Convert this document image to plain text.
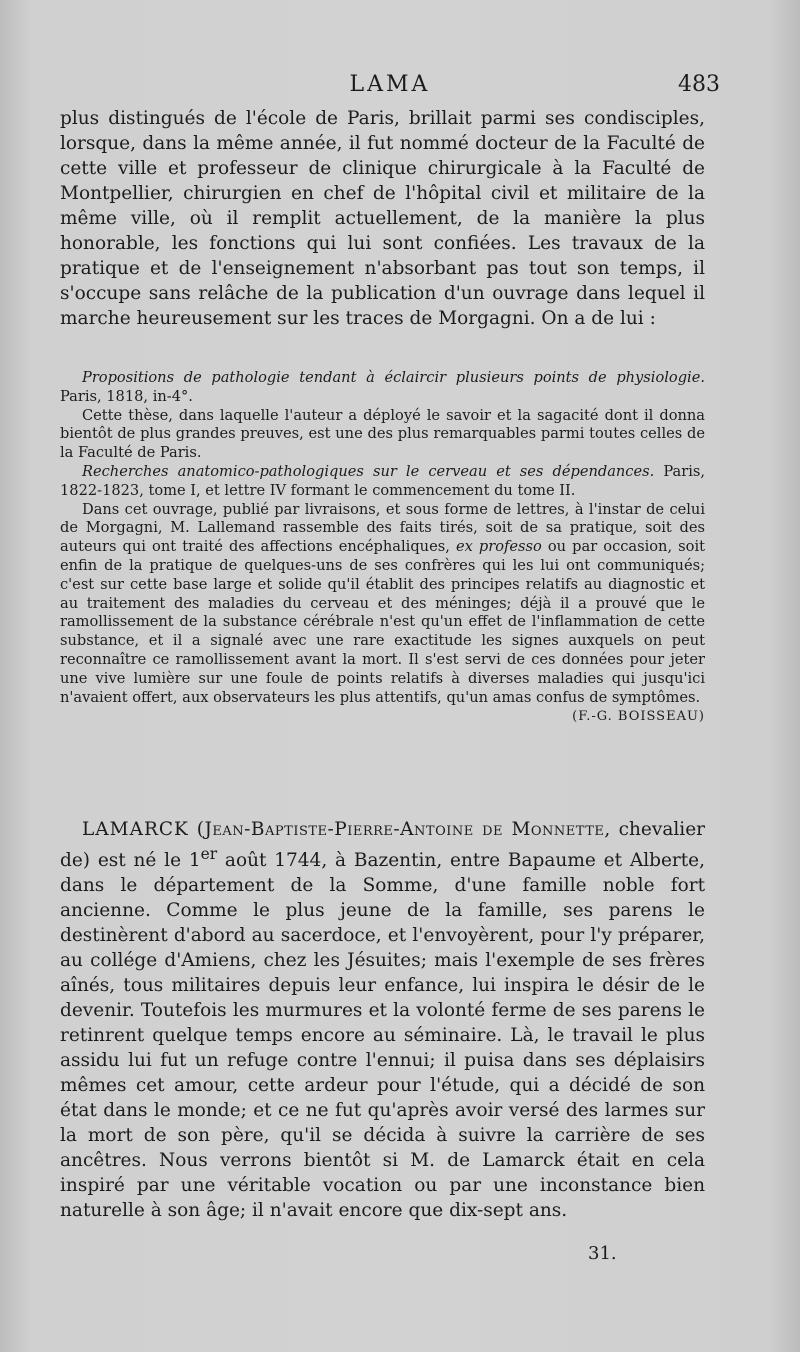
LAMA	483

plus distingués de l'école de Paris, brillait parmi ses condisciples, lorsque, dans la même année, il fut nommé docteur de la Faculté de cette ville et professeur de clinique chirurgicale à la Faculté de Montpellier, chirurgien en chef de l'hôpital civil et militaire de la même ville, où il remplit actuellement, de la manière la plus honorable, les fonctions qui lui sont confiées. Les travaux de la pratique et de l'enseignement n'absorbant pas tout son temps, il s'occupe sans relâche de la publication d'un ouvrage dans lequel il marche heureusement sur les traces de Morgagni. On a de lui :

Propositions de pathologie tendant à éclaircir plusieurs points de physiologie. Paris, 1818, in-4°.

Cette thèse, dans laquelle l'auteur a déployé le savoir et la sagacité dont il donna bientôt de plus grandes preuves, est une des plus remarquables parmi toutes celles de la Faculté de Paris.

Recherches anatomico-pathologiques sur le cerveau et ses dépendances. Paris, 1822-1823, tome I, et lettre IV formant le commencement du tome II.

Dans cet ouvrage, publié par livraisons, et sous forme de lettres, à l'instar de celui de Morgagni, M. Lallemand rassemble des faits tirés, soit de sa pratique, soit des auteurs qui ont traité des affections encéphaliques, ex professo ou par occasion, soit enfin de la pratique de quelques-uns de ses confrères qui les lui ont communiqués; c'est sur cette base large et solide qu'il établit des principes relatifs au diagnostic et au traitement des maladies du cerveau et des méninges; déjà il a prouvé que le ramollissement de la substance cérébrale n'est qu'un effet de l'inflammation de cette substance, et il a signalé avec une rare exactitude les signes auxquels on peut reconnaître ce ramollissement avant la mort. Il s'est servi de ces données pour jeter une vive lumière sur une foule de points relatifs à diverses maladies qui jusqu'ici n'avaient offert, aux observateurs les plus attentifs, qu'un amas confus de symptômes.

(F.-G. BOISSEAU)

LAMARCK (Jean-Baptiste-Pierre-Antoine de Monnette, chevalier de) est né le 1er août 1744, à Bazentin, entre Bapaume et Alberte, dans le département de la Somme, d'une famille noble fort ancienne. Comme le plus jeune de la famille, ses parens le destinèrent d'abord au sacerdoce, et l'envoyèrent, pour l'y préparer, au collége d'Amiens, chez les Jésuites; mais l'exemple de ses frères aînés, tous militaires depuis leur enfance, lui inspira le désir de le devenir. Toutefois les murmures et la volonté ferme de ses parens le retinrent quelque temps encore au séminaire. Là, le travail le plus assidu lui fut un refuge contre l'ennui; il puisa dans ses déplaisirs mêmes cet amour, cette ardeur pour l'étude, qui a décidé de son état dans le monde; et ce ne fut qu'après avoir versé des larmes sur la mort de son père, qu'il se décida à suivre la carrière de ses ancêtres. Nous verrons bientôt si M. de Lamarck était en cela inspiré par une véritable vocation ou par une inconstance bien naturelle à son âge; il n'avait encore que dix-sept ans.

31.
